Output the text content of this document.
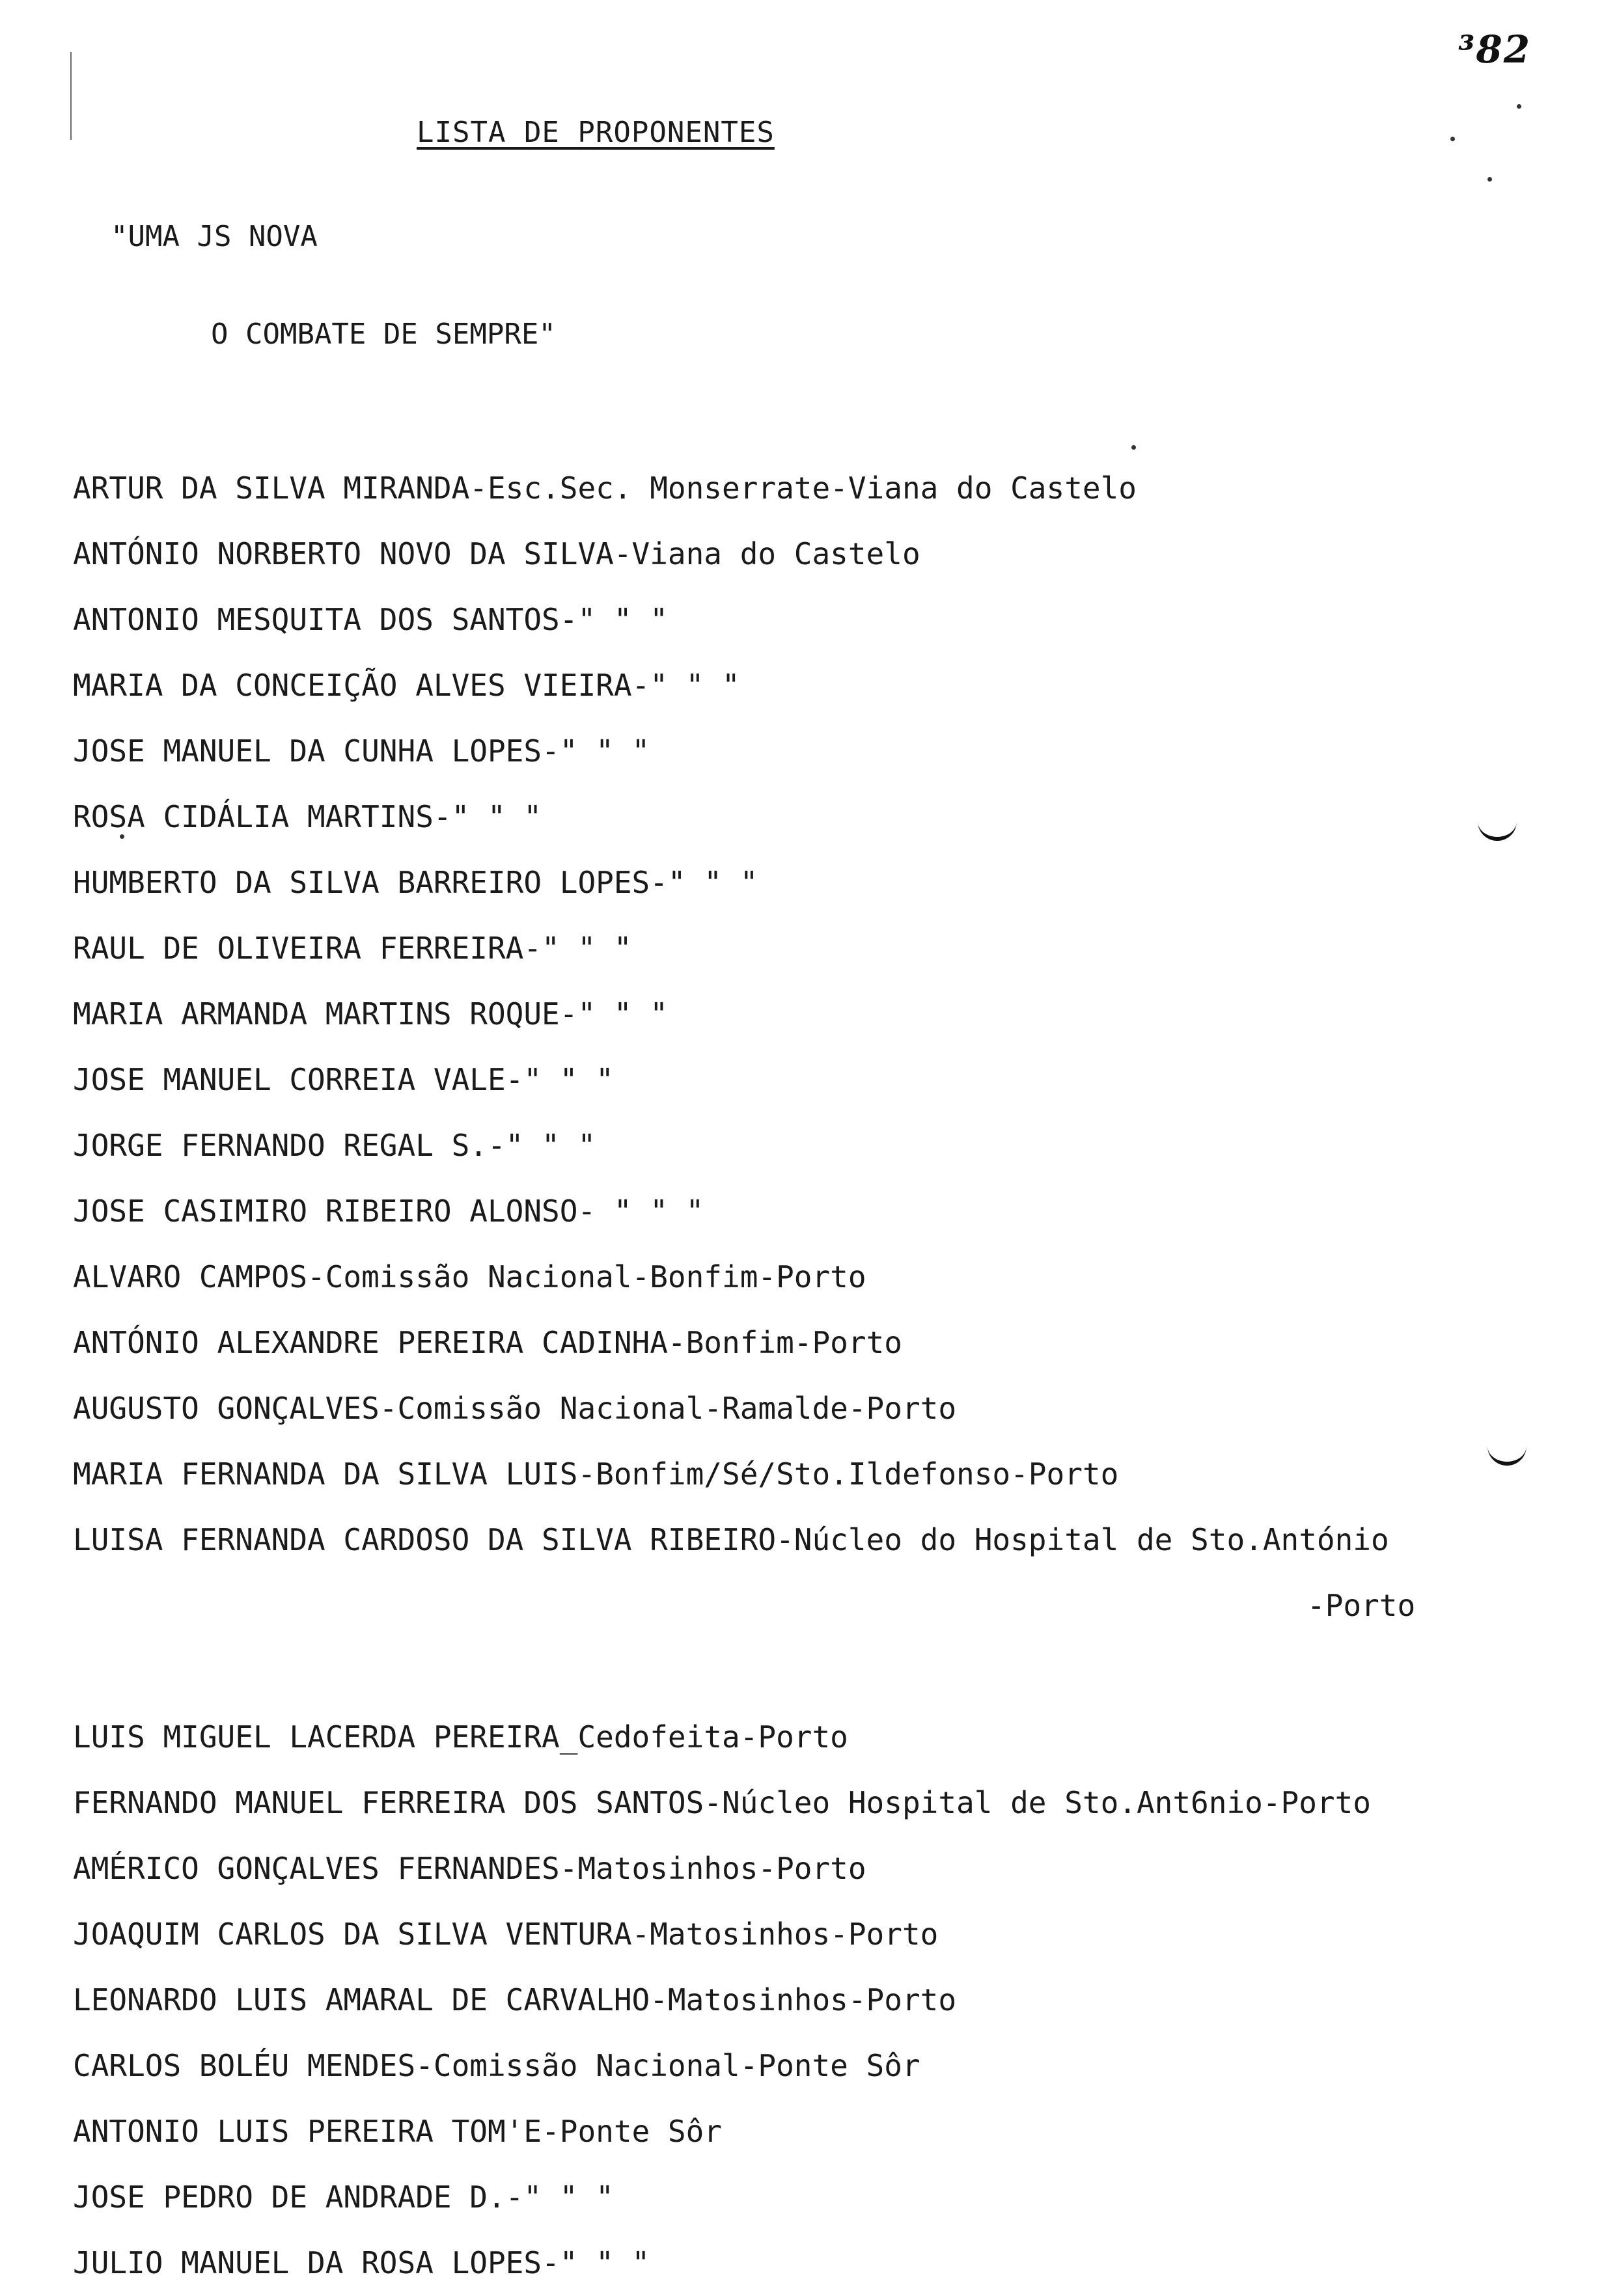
³82
LISTA DE PROPONENTES
"UMA JS NOVA
O COMBATE DE SEMPRE"
ARTUR DA SILVA MIRANDA-Esc.Sec. Monserrate-Viana do Castelo
ANTÓNIO NORBERTO NOVO DA SILVA-Viana do Castelo
ANTONIO MESQUITA DOS SANTOS-" " "
MARIA DA CONCEIÇÃO ALVES VIEIRA-" " "
JOSE MANUEL DA CUNHA LOPES-" " "
ROSA CIDÁLIA MARTINS-" " "
HUMBERTO DA SILVA BARREIRO LOPES-" " "
RAUL DE OLIVEIRA FERREIRA-" " "
MARIA ARMANDA MARTINS ROQUE-" " "
JOSE MANUEL CORREIA VALE-" " "
JORGE FERNANDO REGAL S.-" " "
JOSE CASIMIRO RIBEIRO ALONSO- " " "
ALVARO CAMPOS-Comissão Nacional-Bonfim-Porto
ANTÓNIO ALEXANDRE PEREIRA CADINHA-Bonfim-Porto
AUGUSTO GONÇALVES-Comissão Nacional-Ramalde-Porto
MARIA FERNANDA DA SILVA LUIS-Bonfim/Sé/Sto.Ildefonso-Porto
LUISA FERNANDA CARDOSO DA SILVA RIBEIRO-Núcleo do Hospital de Sto.António
-Porto
LUIS MIGUEL LACERDA PEREIRA_Cedofeita-Porto
FERNANDO MANUEL FERREIRA DOS SANTOS-Núcleo Hospital de Sto.Ant6nio-Porto
AMÉRICO GONÇALVES FERNANDES-Matosinhos-Porto
JOAQUIM CARLOS DA SILVA VENTURA-Matosinhos-Porto
LEONARDO LUIS AMARAL DE CARVALHO-Matosinhos-Porto
CARLOS BOLÉU MENDES-Comissão Nacional-Ponte Sôr
ANTONIO LUIS PEREIRA TOM'E-Ponte Sôr
JOSE PEDRO DE ANDRADE D.-" " "
JULIO MANUEL DA ROSA LOPES-" " "
